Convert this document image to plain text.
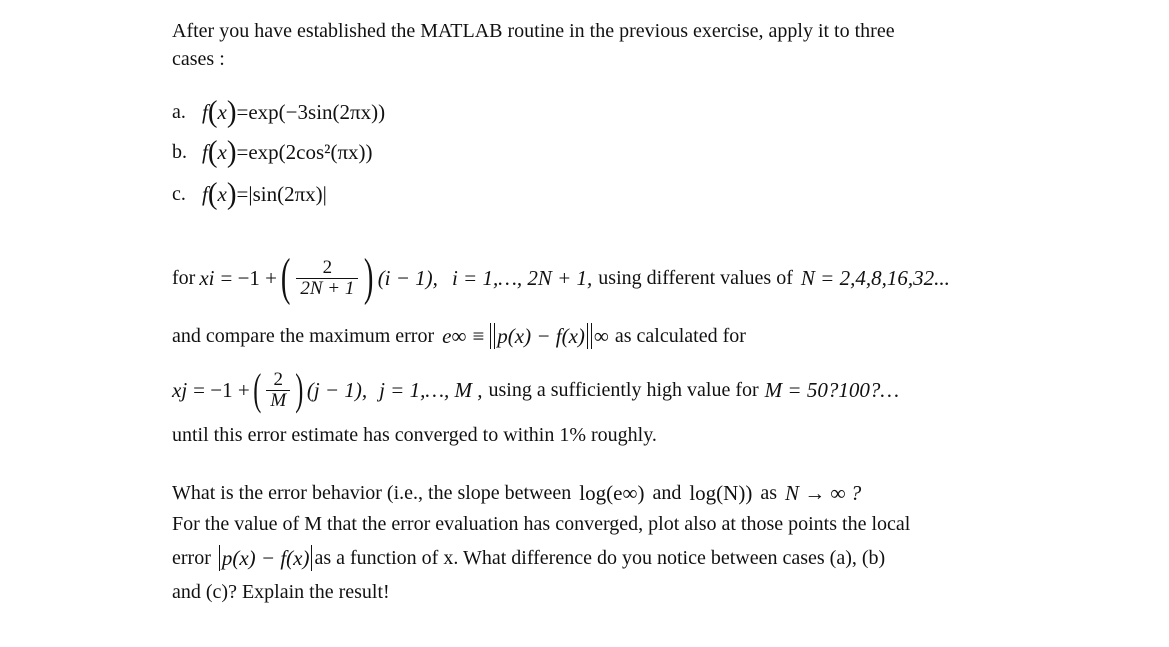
After you have established the MATLAB routine in the previous exercise, apply it to three
cases :
a. f ( x ) = exp(−3sin(2πx))
b. f ( x ) = exp(2cos²(πx))
c. f ( x ) = |sin(2πx)|
for x i = −1 + ( $\frac{2}{2N + 1}$ ) (i − 1), i = 1,…, 2N + 1, using different values of N = 2,4,8,16,32...
and compare the maximum error e ∞ ≡ p(x) − f(x) ∞ as calculated for
x j = −1 + ( $\frac{2}{M}$ ) (j − 1), j = 1,…, M , using a sufficiently high value for M = 50?100?…
until this error estimate has converged to within 1% roughly.
What is the error behavior (i.e., the slope between log(e ∞ ) and log(N)) as N → ∞ ?
For the value of M that the error evaluation has converged, plot also at those points the local
error p(x) − f(x) as a function of x. What difference do you notice between cases (a), (b)
and (c)? Explain the result!
